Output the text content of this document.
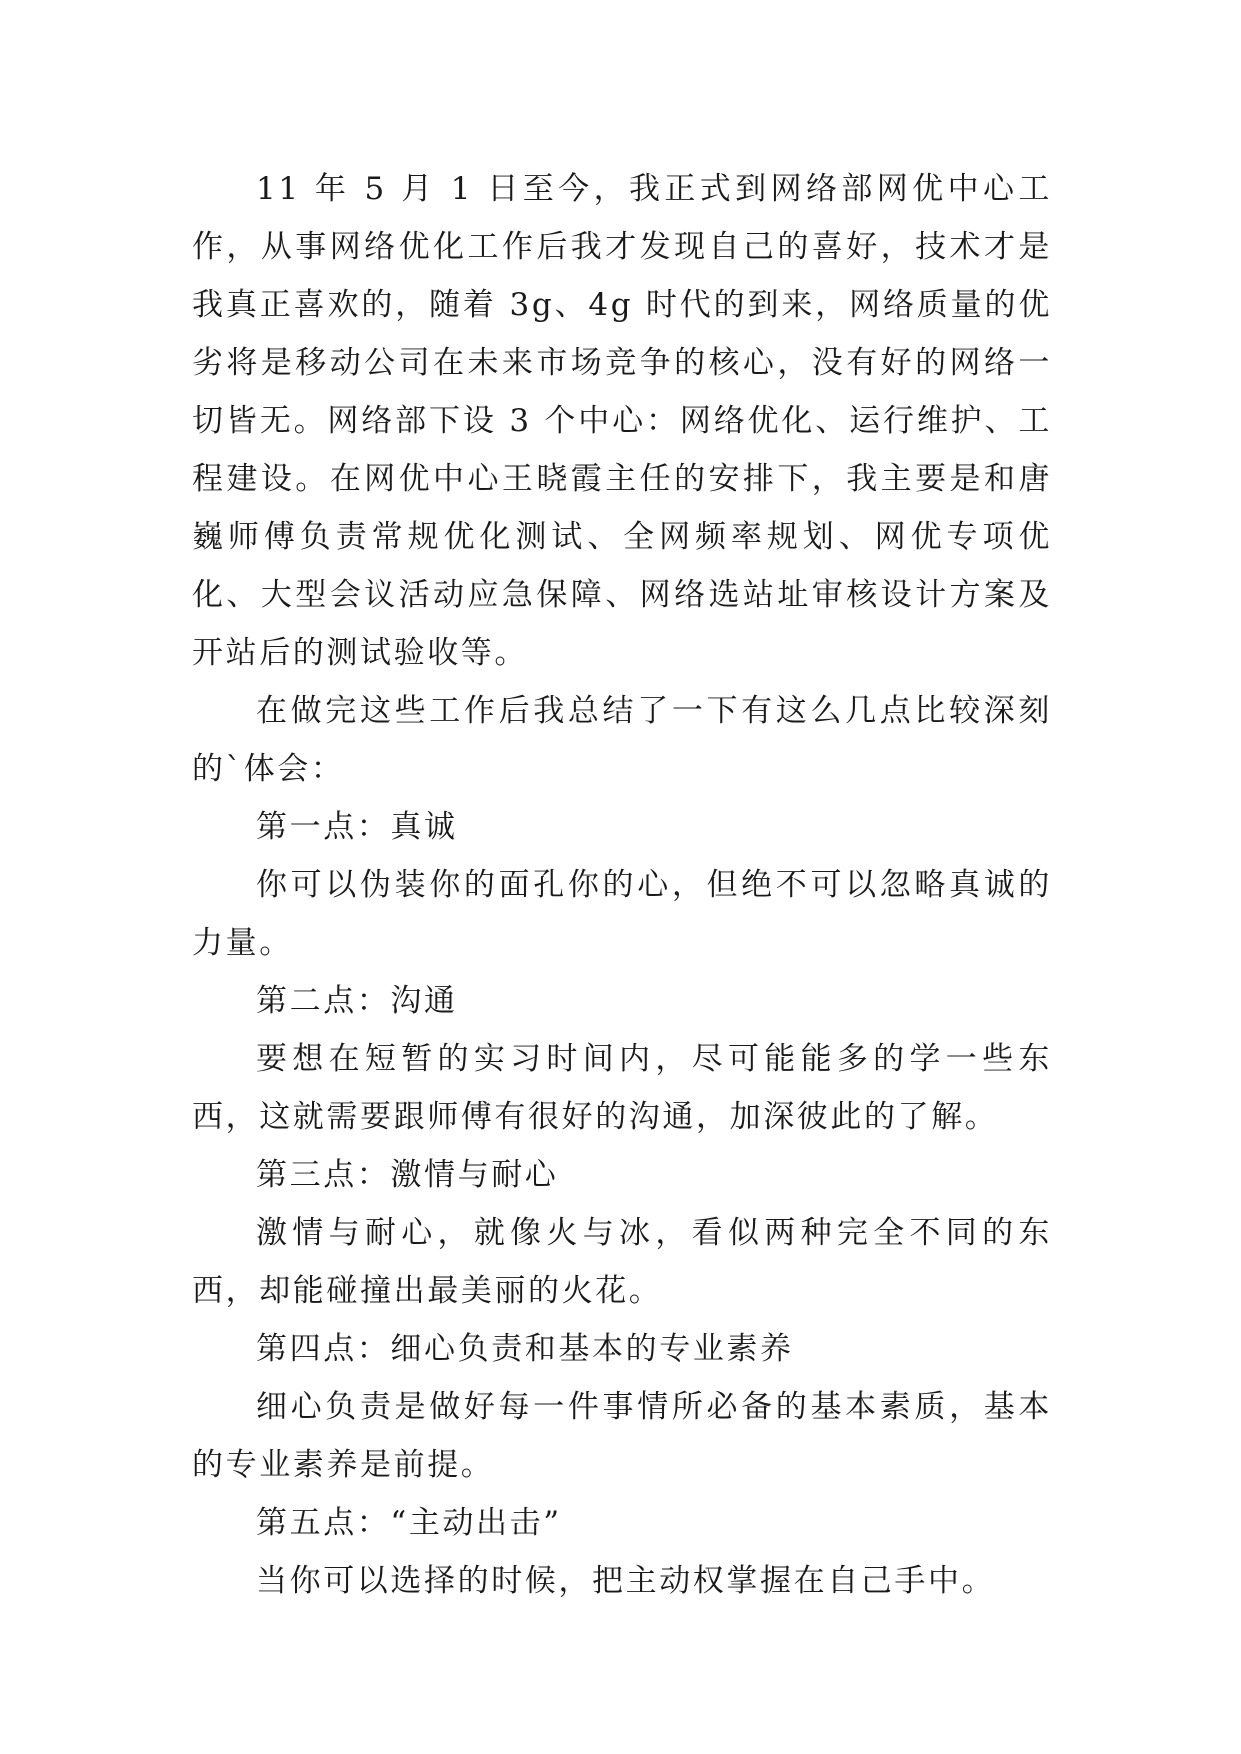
11 年 5 月 1 日至今，我正式到网络部网优中心工作，从事网络优化工作后我才发现自己的喜好，技术才是我真正喜欢的，随着 3g、4g 时代的到来，网络质量的优劣将是移动公司在未来市场竞争的核心，没有好的网络一切皆无。网络部下设 3 个中心：网络优化、运行维护、工程建设。在网优中心王晓霞主任的安排下，我主要是和唐巍师傅负责常规优化测试、全网频率规划、网优专项优化、大型会议活动应急保障、网络选站址审核设计方案及开站后的测试验收等。

在做完这些工作后我总结了一下有这么几点比较深刻的`体会：

第一点：真诚

你可以伪装你的面孔你的心，但绝不可以忽略真诚的力量。

第二点：沟通

要想在短暂的实习时间内，尽可能能多的学一些东西，这就需要跟师傅有很好的沟通，加深彼此的了解。

第三点：激情与耐心

激情与耐心，就像火与冰，看似两种完全不同的东西，却能碰撞出最美丽的火花。

第四点：细心负责和基本的专业素养

细心负责是做好每一件事情所必备的基本素质，基本的专业素养是前提。

第五点：“主动出击”

当你可以选择的时候，把主动权掌握在自己手中。
